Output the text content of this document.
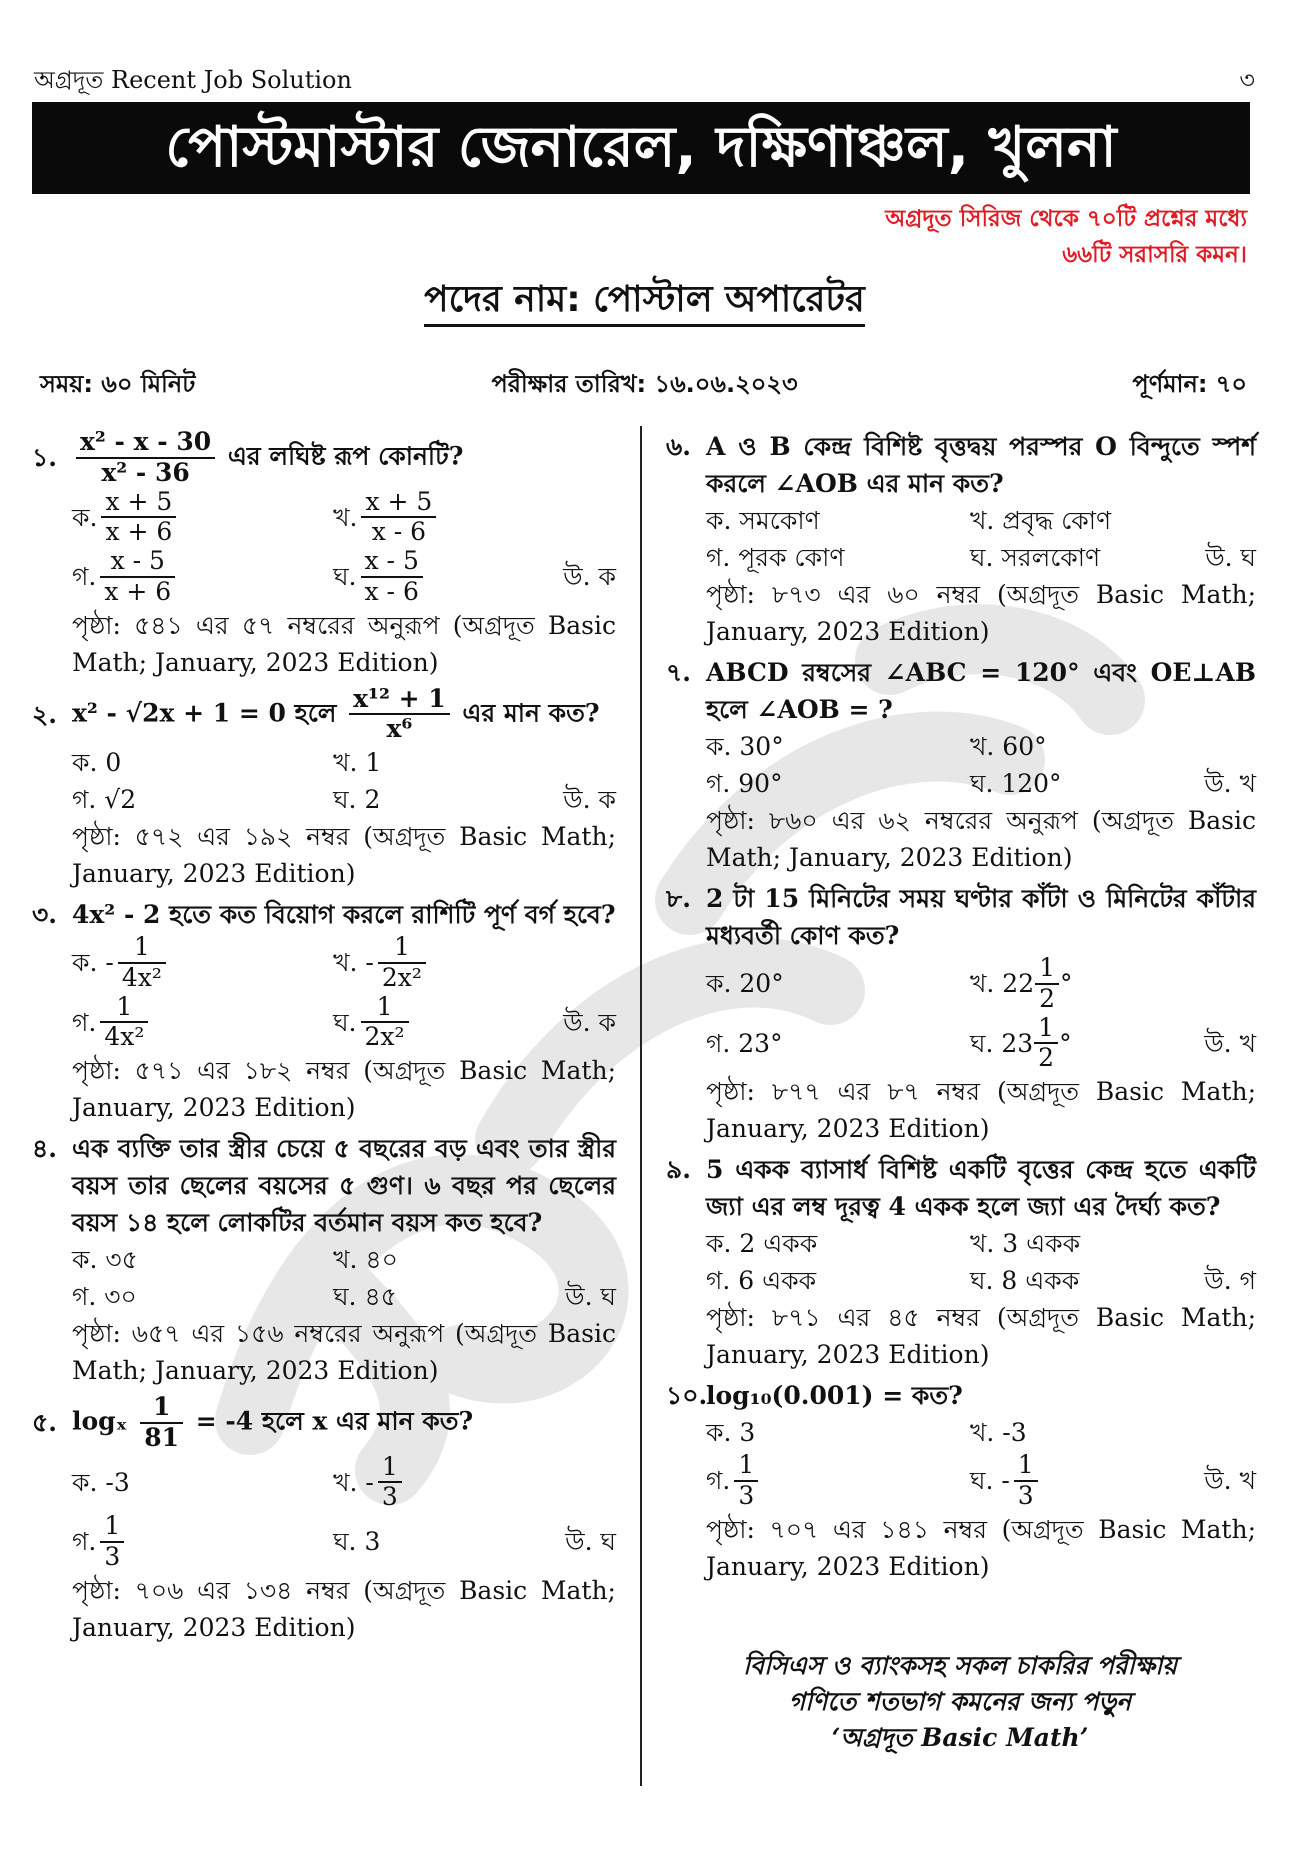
অগ্রদূত Recent Job Solution	৩
পোস্টমাস্টার জেনারেল, দক্ষিণাঞ্চল, খুলনা
অগ্রদূত সিরিজ থেকে ৭০টি প্রশ্নের মধ্যে
৬৬টি সরাসরি কমন।
পদের নাম: পোস্টাল অপারেটর
সময়: ৬০ মিনিট	পরীক্ষার তারিখ: ১৬.০৬.২০২৩	পূর্ণমান: ৭০
১. $\frac{\text{x² - x - 30}}{\text{x² - 36}}$ এর লঘিষ্ট রূপ কোনটি?
ক. $\frac{x + 5}{x + 6}$	খ. $\frac{x + 5}{x - 6}$
গ. $\frac{x - 5}{x + 6}$	ঘ. $\frac{x - 5}{x - 6}$	উ. ক
পৃষ্ঠা: ৫৪১ এর ৫৭ নম্বরের অনুরূপ (অগ্রদূত Basic Math; January, 2023 Edition)
২. x² - √2x + 1 = 0 হলে $\frac{\text{x¹² + 1}}{\text{x⁶}}$ এর মান কত?
ক. 0	খ. 1
গ. √2	ঘ. 2	উ. ক
পৃষ্ঠা: ৫৭২ এর ১৯২ নম্বর (অগ্রদূত Basic Math; January, 2023 Edition)
৩. 4x² - 2 হতে কত বিয়োগ করলে রাশিটি পূর্ণ বর্গ হবে?
ক. - $\frac{1}{\text{4x²}}$	খ. - $\frac{1}{\text{2x²}}$
গ. $\frac{1}{\text{4x²}}$	ঘ. $\frac{1}{\text{2x²}}$	উ. ক
পৃষ্ঠা: ৫৭১ এর ১৮২ নম্বর (অগ্রদূত Basic Math; January, 2023 Edition)
৪. এক ব্যক্তি তার স্ত্রীর চেয়ে ৫ বছরের বড় এবং তার স্ত্রীর বয়স তার ছেলের বয়সের ৫ গুণ। ৬ বছর পর ছেলের বয়স ১৪ হলে লোকটির বর্তমান বয়স কত হবে?
ক. ৩৫	খ. ৪০
গ. ৩০	ঘ. ৪৫	উ. ঘ
পৃষ্ঠা: ৬৫৭ এর ১৫৬ নম্বরের অনুরূপ (অগ্রদূত Basic Math; January, 2023 Edition)
৫. logₓ $\frac{1}{81} = -4$ হলে x এর মান কত?
ক. -3	খ. - $\frac{1}{3}$
গ. $\frac{1}{3}$	ঘ. 3	উ. ঘ
পৃষ্ঠা: ৭০৬ এর ১৩৪ নম্বর (অগ্রদূত Basic Math; January, 2023 Edition)
৬. A ও B কেন্দ্র বিশিষ্ট বৃত্তদ্বয় পরস্পর O বিন্দুতে স্পর্শ করলে ∠AOB এর মান কত?
ক. সমকোণ	খ. প্রবৃদ্ধ কোণ
গ. পূরক কোণ	ঘ. সরলকোণ	উ. ঘ
পৃষ্ঠা: ৮৭৩ এর ৬০ নম্বর (অগ্রদূত Basic Math; January, 2023 Edition)
৭. ABCD রম্বসের ∠ABC = 120° এবং OE⊥AB হলে ∠AOB = ?
ক. 30°	খ. 60°
গ. 90°	ঘ. 120°	উ. খ
পৃষ্ঠা: ৮৬০ এর ৬২ নম্বরের অনুরূপ (অগ্রদূত Basic Math; January, 2023 Edition)
৮. 2 টা 15 মিনিটের সময় ঘণ্টার কাঁটা ও মিনিটের কাঁটার মধ্যবর্তী কোণ কত?
ক. 20°	খ. $22 \frac{1}{2}$ °
গ. 23°	ঘ. $23 \frac{1}{2}$ °	উ. খ
পৃষ্ঠা: ৮৭৭ এর ৮৭ নম্বর (অগ্রদূত Basic Math; January, 2023 Edition)
৯. 5 একক ব্যাসার্ধ বিশিষ্ট একটি বৃত্তের কেন্দ্র হতে একটি জ্যা এর লম্ব দূরত্ব 4 একক হলে জ্যা এর দৈর্ঘ্য কত?
ক. 2 একক	খ. 3 একক
গ. 6 একক	ঘ. 8 একক	উ. গ
পৃষ্ঠা: ৮৭১ এর ৪৫ নম্বর (অগ্রদূত Basic Math; January, 2023 Edition)
১০.
log₁₀(0.001) = কত?
ক. 3	খ. -3
গ. $\frac{1}{3}$	ঘ. - $\frac{1}{3}$	উ. খ
পৃষ্ঠা: ৭০৭ এর ১৪১ নম্বর (অগ্রদূত Basic Math; January, 2023 Edition)
বিসিএস ও ব্যাংকসহ সকল চাকরির পরীক্ষায়
গণিতে শতভাগ কমনের জন্য পড়ুন
‘অগ্রদূত Basic Math’
